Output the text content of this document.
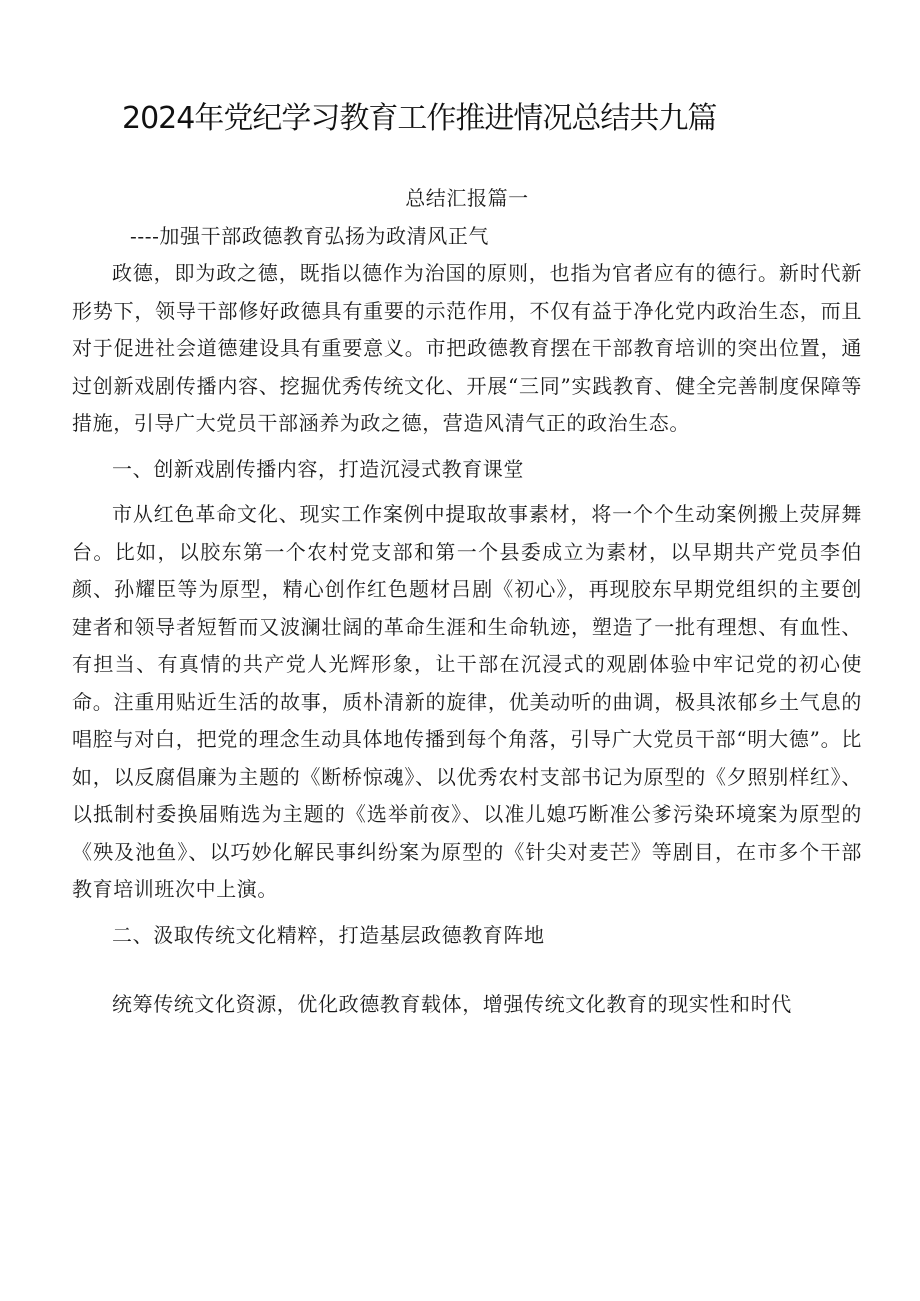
2024年党纪学习教育工作推进情况总结共九篇

总结汇报篇一

----加强干部政德教育弘扬为政清风正气

政德，即为政之德，既指以德作为治国的原则，也指为官者应有的德行。新时代新形势下，领导干部修好政德具有重要的示范作用，不仅有益于净化党内政治生态，而且对于促进社会道德建设具有重要意义。市把政德教育摆在干部教育培训的突出位置，通过创新戏剧传播内容、挖掘优秀传统文化、开展“三同”实践教育、健全完善制度保障等措施，引导广大党员干部涵养为政之德，营造风清气正的政治生态。

一、创新戏剧传播内容，打造沉浸式教育课堂

市从红色革命文化、现实工作案例中提取故事素材，将一个个生动案例搬上荧屏舞台。比如，以胶东第一个农村党支部和第一个县委成立为素材，以早期共产党员李伯颜、孙耀臣等为原型，精心创作红色题材吕剧《初心》，再现胶东早期党组织的主要创建者和领导者短暂而又波澜壮阔的革命生涯和生命轨迹，塑造了一批有理想、有血性、有担当、有真情的共产党人光辉形象，让干部在沉浸式的观剧体验中牢记党的初心使命。注重用贴近生活的故事，质朴清新的旋律，优美动听的曲调，极具浓郁乡土气息的唱腔与对白，把党的理念生动具体地传播到每个角落，引导广大党员干部“明大德”。比如，以反腐倡廉为主题的《断桥惊魂》、以优秀农村支部书记为原型的《夕照别样红》、以抵制村委换届贿选为主题的《选举前夜》、以准儿媳巧断准公爹污染环境案为原型的《殃及池鱼》、以巧妙化解民事纠纷案为原型的《针尖对麦芒》等剧目，在市多个干部教育培训班次中上演。

二、汲取传统文化精粹，打造基层政德教育阵地

统筹传统文化资源，优化政德教育载体，增强传统文化教育的现实性和时代
